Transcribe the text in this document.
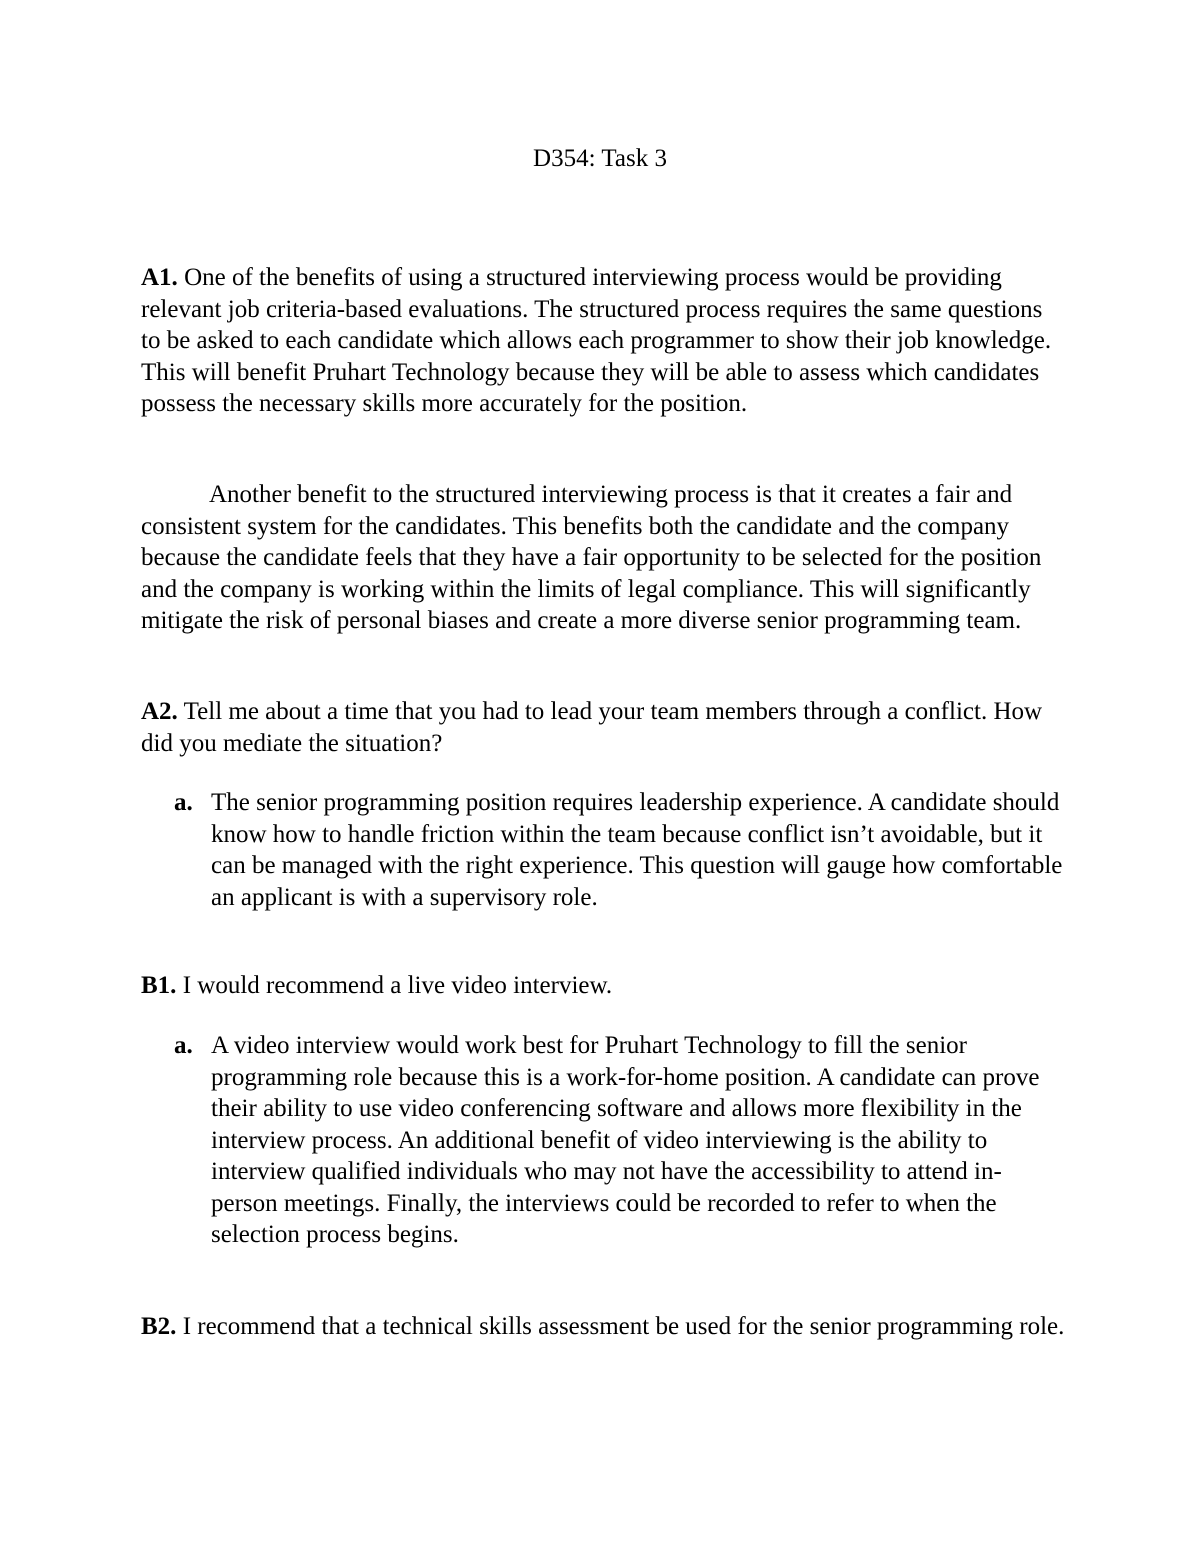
D354: Task 3

A1. One of the benefits of using a structured interviewing process would be providing relevant job criteria-based evaluations. The structured process requires the same questions to be asked to each candidate which allows each programmer to show their job knowledge. This will benefit Pruhart Technology because they will be able to assess which candidates possess the necessary skills more accurately for the position.

Another benefit to the structured interviewing process is that it creates a fair and consistent system for the candidates. This benefits both the candidate and the company because the candidate feels that they have a fair opportunity to be selected for the position and the company is working within the limits of legal compliance. This will significantly mitigate the risk of personal biases and create a more diverse senior programming team.

A2. Tell me about a time that you had to lead your team members through a conflict. How did you mediate the situation?

a. The senior programming position requires leadership experience. A candidate should know how to handle friction within the team because conflict isn’t avoidable, but it can be managed with the right experience. This question will gauge how comfortable an applicant is with a supervisory role.

B1. I would recommend a live video interview.

a. A video interview would work best for Pruhart Technology to fill the senior programming role because this is a work-for-home position. A candidate can prove their ability to use video conferencing software and allows more flexibility in the interview process. An additional benefit of video interviewing is the ability to interview qualified individuals who may not have the accessibility to attend in-person meetings. Finally, the interviews could be recorded to refer to when the selection process begins.

B2. I recommend that a technical skills assessment be used for the senior programming role.
